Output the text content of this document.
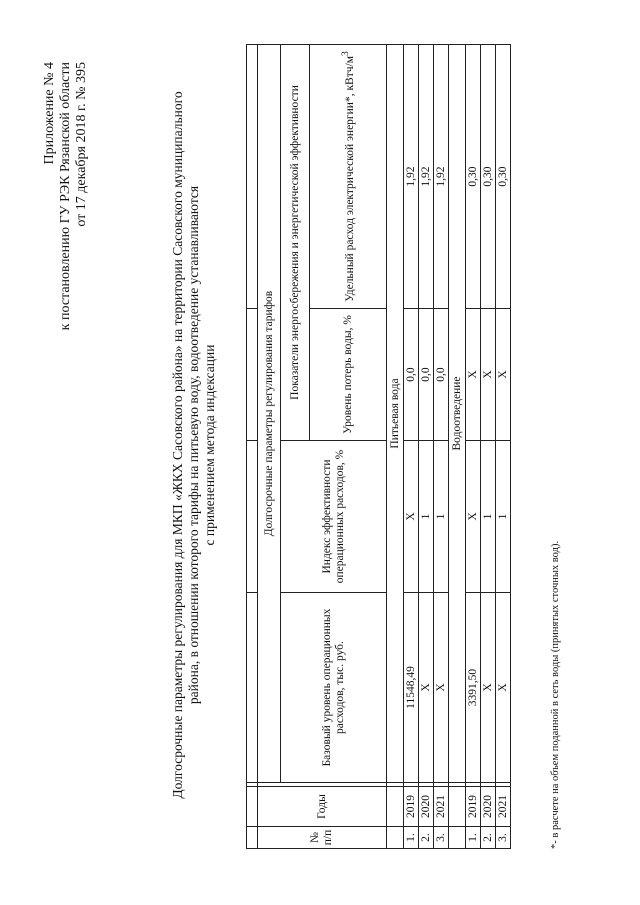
Приложение № 4 к постановлению ГУ РЭК Рязанской области от 17 декабря 2018 г. № 395	Долгосрочные параметры регулирования для МКП «ЖКХ Сасовского района» на территории Сасовского муниципального района, в отношении которого тарифы на питьевую воду, водоотведение устанавливаются с применением метода индексации

№ п/п	Годы		Долгосрочные параметры регулирования тарифов			
			Базовый уровень операционных расходов, тыс. руб.	Индекс эффективности операционных расходов, %	Показатели энергосбережения и энергетической эффективности	
					Уровень потерь воды, %	Удельный расход электрической энергии*, кВтч/$м^3$
			Питьевая вода			
1.	2019		11548,49	Х	0,0	1,92
2.	2020		Х	1	0,0	1,92
3.	2021		Х	1	0,0	1,92
			Водоотведение			
1.	2019		3391,50	Х	Х	0,30
2.	2020		Х	1	Х	0,30
3.	2021		Х	1	Х	0,30
*- в расчете на объем поданной в сеть воды (принятых сточных вод).
